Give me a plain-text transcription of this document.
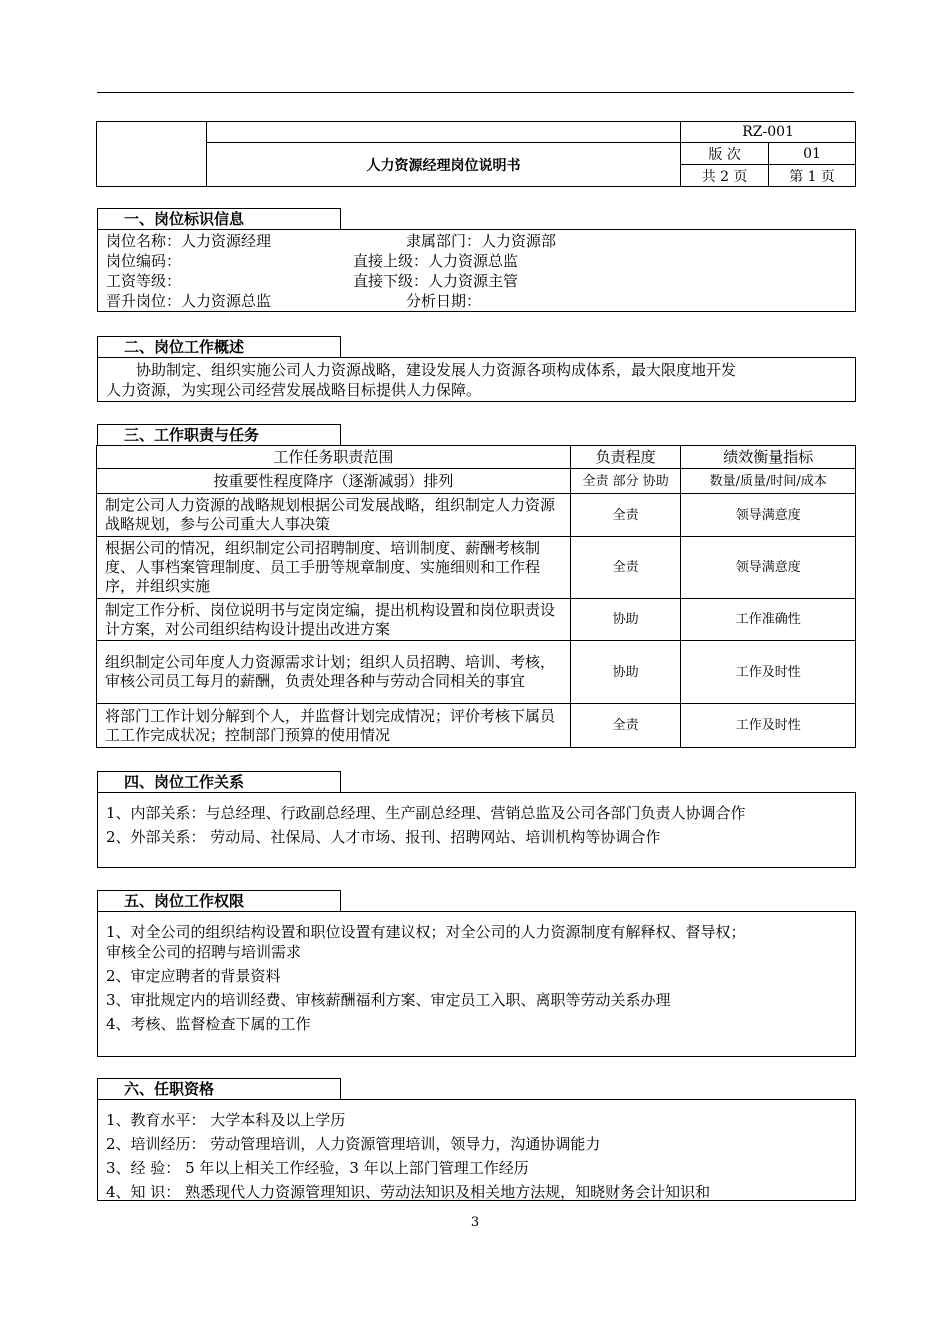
		RZ-001	
	人力资源经理岗位说明书	版 次	01
		共 2 页	第 1 页
一、岗位标识信息
岗位名称：人力资源经理	隶属部门：人力资源部
岗位编码：	直接上级：人力资源总监
工资等级：	直接下级：人力资源主管
晋升岗位：人力资源总监	分析日期：
二、岗位工作概述
协助制定、组织实施公司人力资源战略，建设发展人力资源各项构成体系，最大限度地开发
人力资源，为实现公司经营发展战略目标提供人力保障。
三、工作职责与任务
工作任务职责范围	负责程度	绩效衡量指标
按重要性程度降序（逐渐减弱）排列	全责 部分 协助	数量/质量/时间/成本
制定公司人力资源的战略规划根据公司发展战略，组织制定人力资源战略规划，参与公司重大人事决策	全责	领导满意度
根据公司的情况，组织制定公司招聘制度、培训制度、薪酬考核制度、人事档案管理制度、员工手册等规章制度、实施细则和工作程序，并组织实施	全责	领导满意度
制定工作分析、岗位说明书与定岗定编，提出机构设置和岗位职责设计方案，对公司组织结构设计提出改进方案	协助	工作准确性
组织制定公司年度人力资源需求计划；组织人员招聘、培训、考核，审核公司员工每月的薪酬，负责处理各种与劳动合同相关的事宜	协助	工作及时性
将部门工作计划分解到个人，并监督计划完成情况；评价考核下属员工工作完成状况；控制部门预算的使用情况	全责	工作及时性
四、岗位工作关系
1、内部关系：与总经理、行政副总经理、生产副总经理、营销总监及公司各部门负责人协调合作
2、外部关系： 劳动局、社保局、人才市场、报刊、招聘网站、培训机构等协调合作
五、岗位工作权限
1、对全公司的组织结构设置和职位设置有建议权；对全公司的人力资源制度有解释权、督导权；
审核全公司的招聘与培训需求
2、审定应聘者的背景资料
3、审批规定内的培训经费、审核薪酬福利方案、审定员工入职、离职等劳动关系办理
4、考核、监督检查下属的工作
六、任职资格
1、教育水平： 大学本科及以上学历
2、培训经历： 劳动管理培训，人力资源管理培训，领导力，沟通协调能力
3、经 验： 5 年以上相关工作经验，3 年以上部门管理工作经历
4、知 识： 熟悉现代人力资源管理知识、劳动法知识及相关地方法规，知晓财务会计知识和
3
